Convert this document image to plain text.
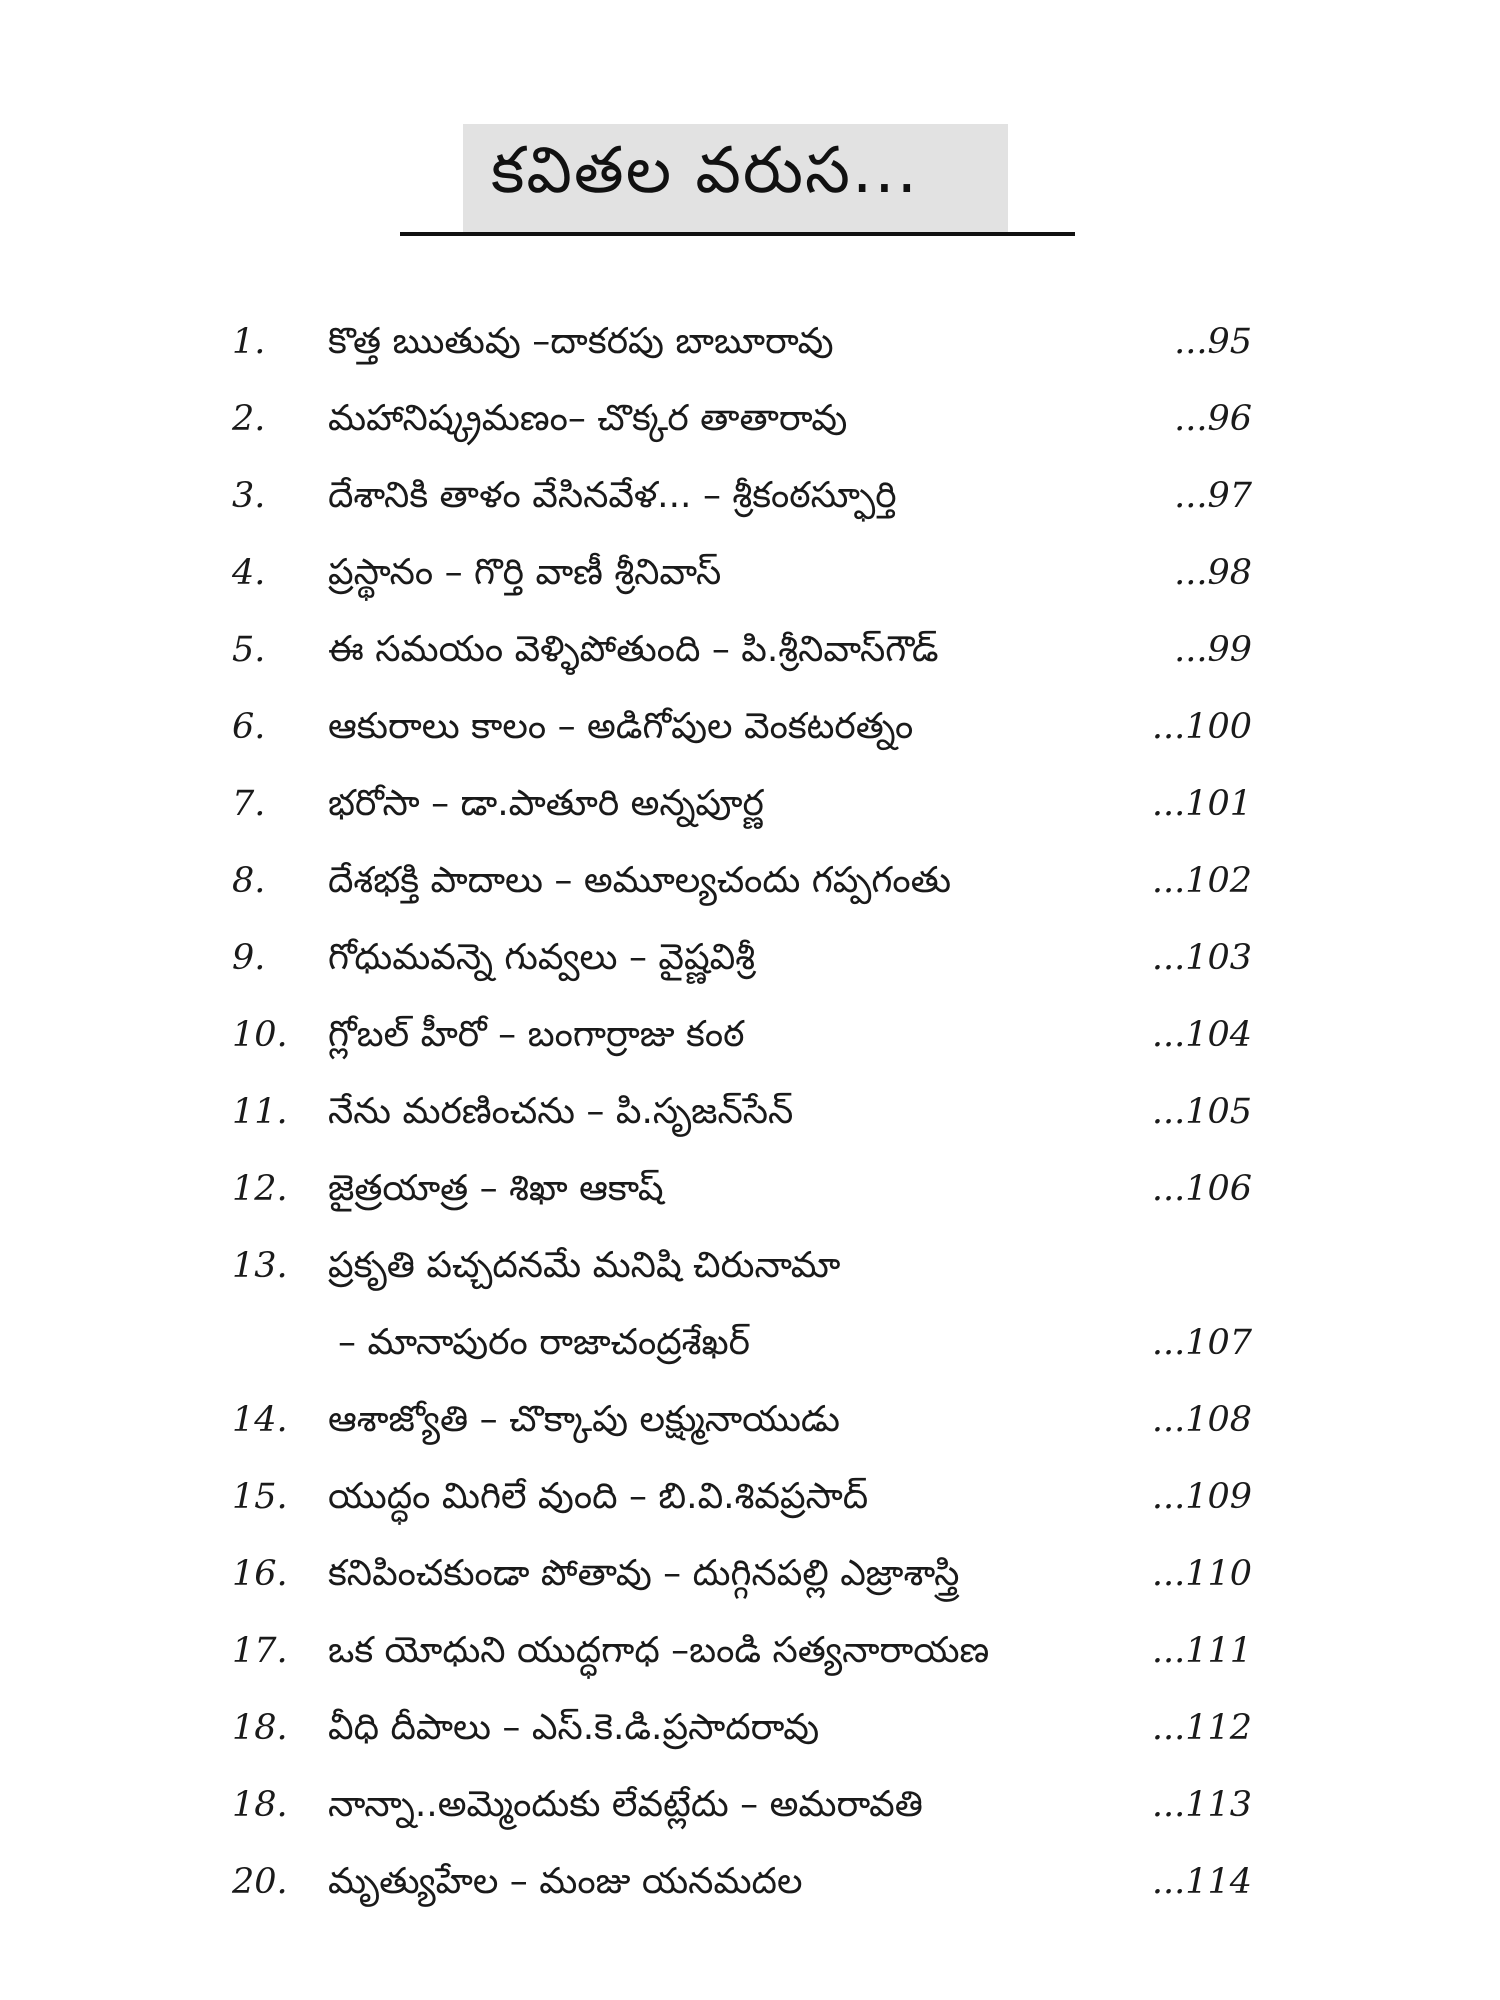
కవితల వరుస...
1. కొత్త ఋతువు –దాకరపు బాబూరావు	...95
2. మహానిష్క్రమణం– చొక్కర తాతారావు	...96
3. దేశానికి తాళం వేసినవేళ... – శ్రీకంఠస్ఫూర్తి	...97
4. ప్రస్థానం – గొర్తి వాణీ శ్రీనివాస్	...98
5. ఈ సమయం వెళ్ళిపోతుంది – పి.శ్రీనివాస్‌గౌడ్	...99
6. ఆకురాలు కాలం – అడిగోపుల వెంకటరత్నం	...100
7. భరోసా – డా.పాతూరి అన్నపూర్ణ	...101
8. దేశభక్తి పాదాలు – అమూల్యచందు గప్పగంతు	...102
9. గోధుమవన్నె గువ్వలు – వైష్ణవిశ్రీ	...103
10. గ్లోబల్ హీరో – బంగార్రాజు కంఠ	...104
11. నేను మరణించను – పి.సృజన్‌సేన్	...105
12. జైత్రయాత్ర – శిఖా ఆకాష్	...106
13. ప్రకృతి పచ్చదనమే మనిషి చిరునామా
– మానాపురం రాజాచంద్రశేఖర్	...107
14. ఆశాజ్యోతి – చొక్కాపు లక్ష్మునాయుడు	...108
15. యుద్ధం మిగిలే వుంది – బి.వి.శివప్రసాద్	...109
16. కనిపించకుండా పోతావు – దుగ్గినపల్లి ఎజ్రాశాస్త్రి	...110
17. ఒక యోధుని యుద్ధగాధ –బండి సత్యనారాయణ	...111
18. వీధి దీపాలు – ఎస్.కె.డి.ప్రసాదరావు	...112
18. నాన్నా..అమ్మెందుకు లేవట్లేదు – అమరావతి	...113
20. మృత్యుహేల – మంజు యనమదల	...114
